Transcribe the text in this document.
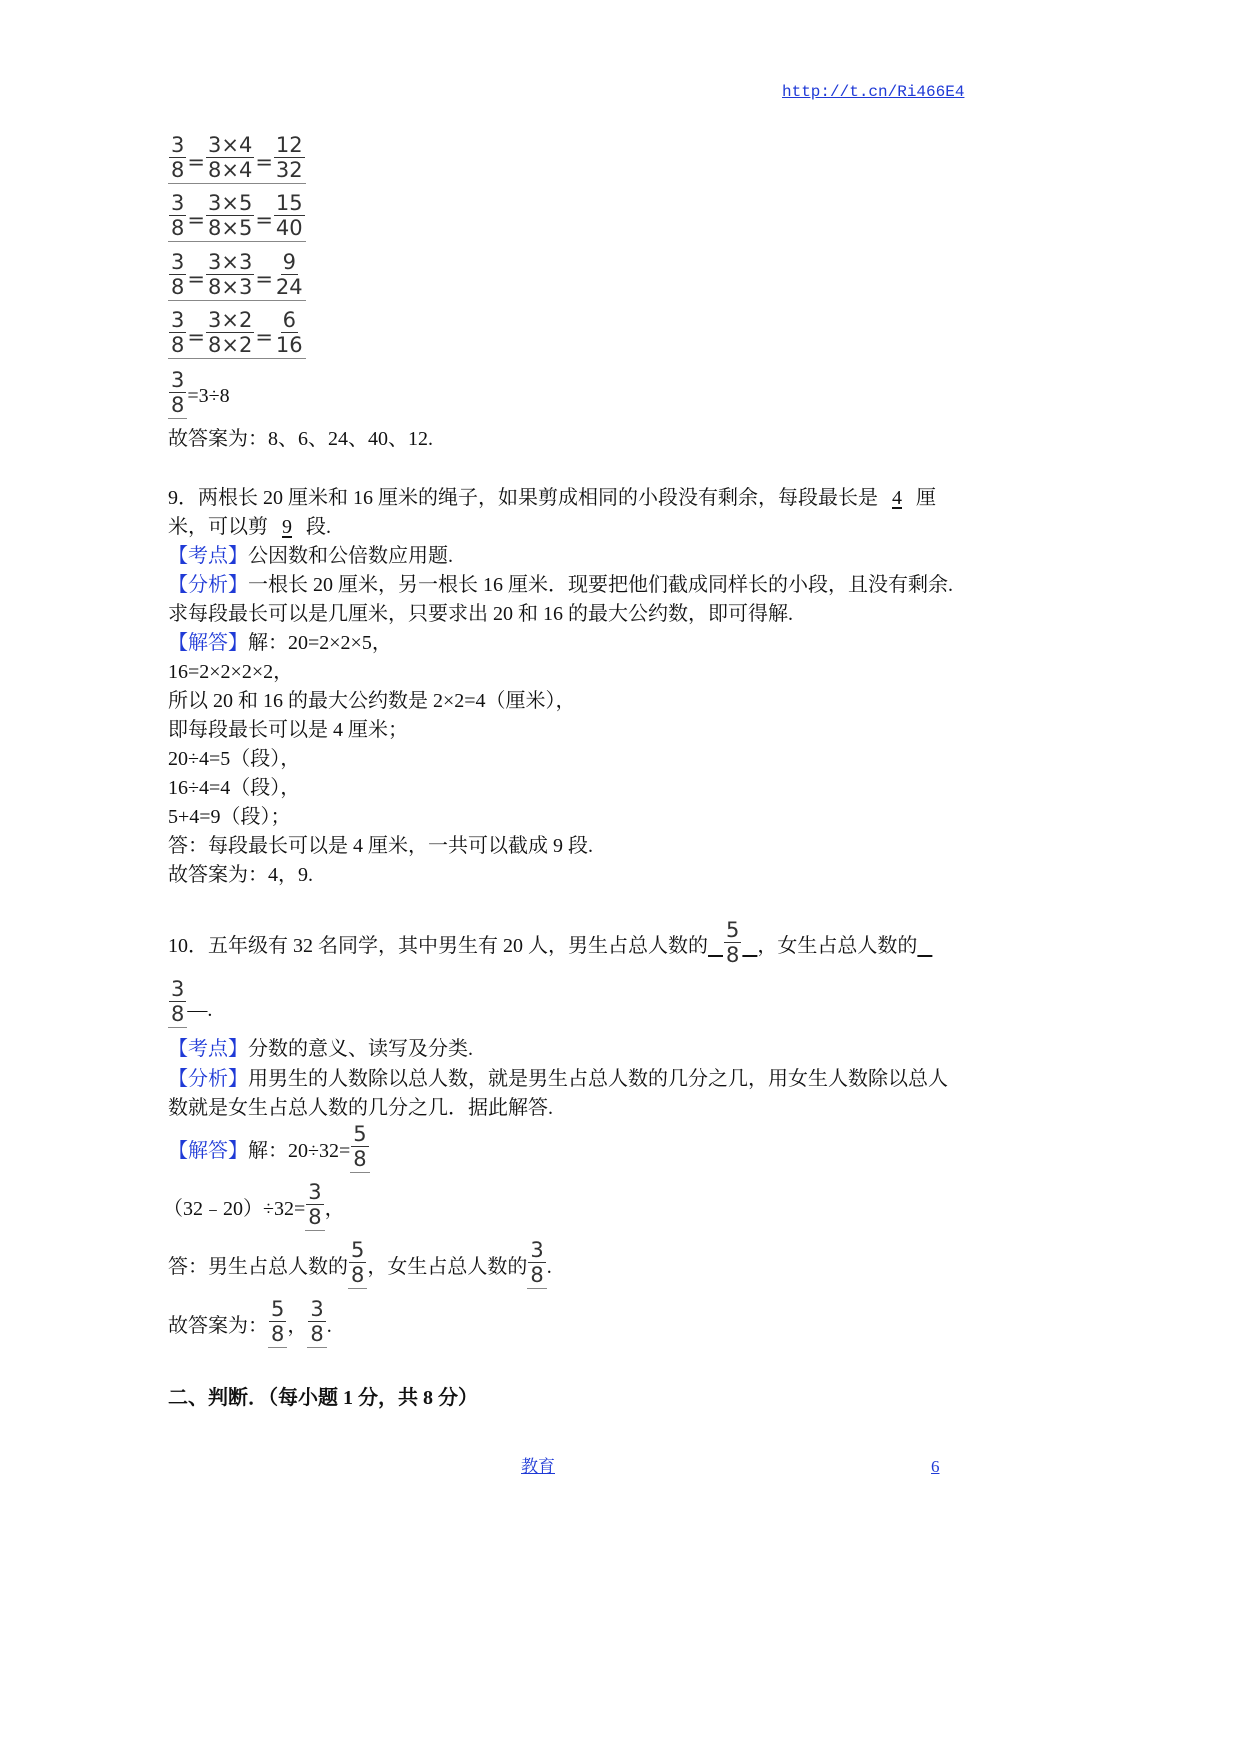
http://t.cn/Ri466E4
$\frac{3}{8} = \frac{3\times 4}{8\times 4} = \frac{12}{32}$
$\frac{3}{8} = \frac{3\times 5}{8\times 5} = \frac{15}{40}$
$\frac{3}{8} = \frac{3\times 3}{8\times 3} = \frac{9}{24}$
$\frac{3}{8} = \frac{3\times 2}{8\times 2} = \frac{6}{16}$
$\frac{3}{8} =3\div 8$
故答案为：8、6、24、40、12.
9．两根长 20 厘米和 16 厘米的绳子，如果剪成相同的小段没有剩余，每段最长是 4 厘
米，可以剪 9 段.
【考点】公因数和公倍数应用题.
【分析】一根长 20 厘米，另一根长 16 厘米．现要把他们截成同样长的小段，且没有剩余.
求每段最长可以是几厘米，只要求出 20 和 16 的最大公约数，即可得解.
【解答】解：20=2×2×5，
16=2×2×2×2，
所以 20 和 16 的最大公约数是 2×2=4（厘米），
即每段最长可以是 4 厘米；
20÷4=5（段），
16÷4=4（段），
5+4=9（段）；
答：每段最长可以是 4 厘米，一共可以截成 9 段.
故答案为：4，9.
10．五年级有 32 名同学，其中男生有 20 人，男生占总人数的
$\frac{5}{8}$
，女生占总人数的

$\frac{3}{8}$ —.
【考点】分数的意义、读写及分类.
【分析】用男生的人数除以总人数，就是男生占总人数的几分之几，用女生人数除以总人
数就是女生占总人数的几分之几．据此解答.
【解答】 解：$20\div 32= \frac{5}{8}$
（32﹣20）÷32= $\frac{3}{8}$ ，
答：男生占总人数的 $\frac{5}{8}$ ，女生占总人数的 $\frac{3}{8}$ .
故答案为： $\frac{5}{8}$ ， $\frac{3}{8}$ .
二、判断．（每小题 1 分，共 8 分）
教育	6
